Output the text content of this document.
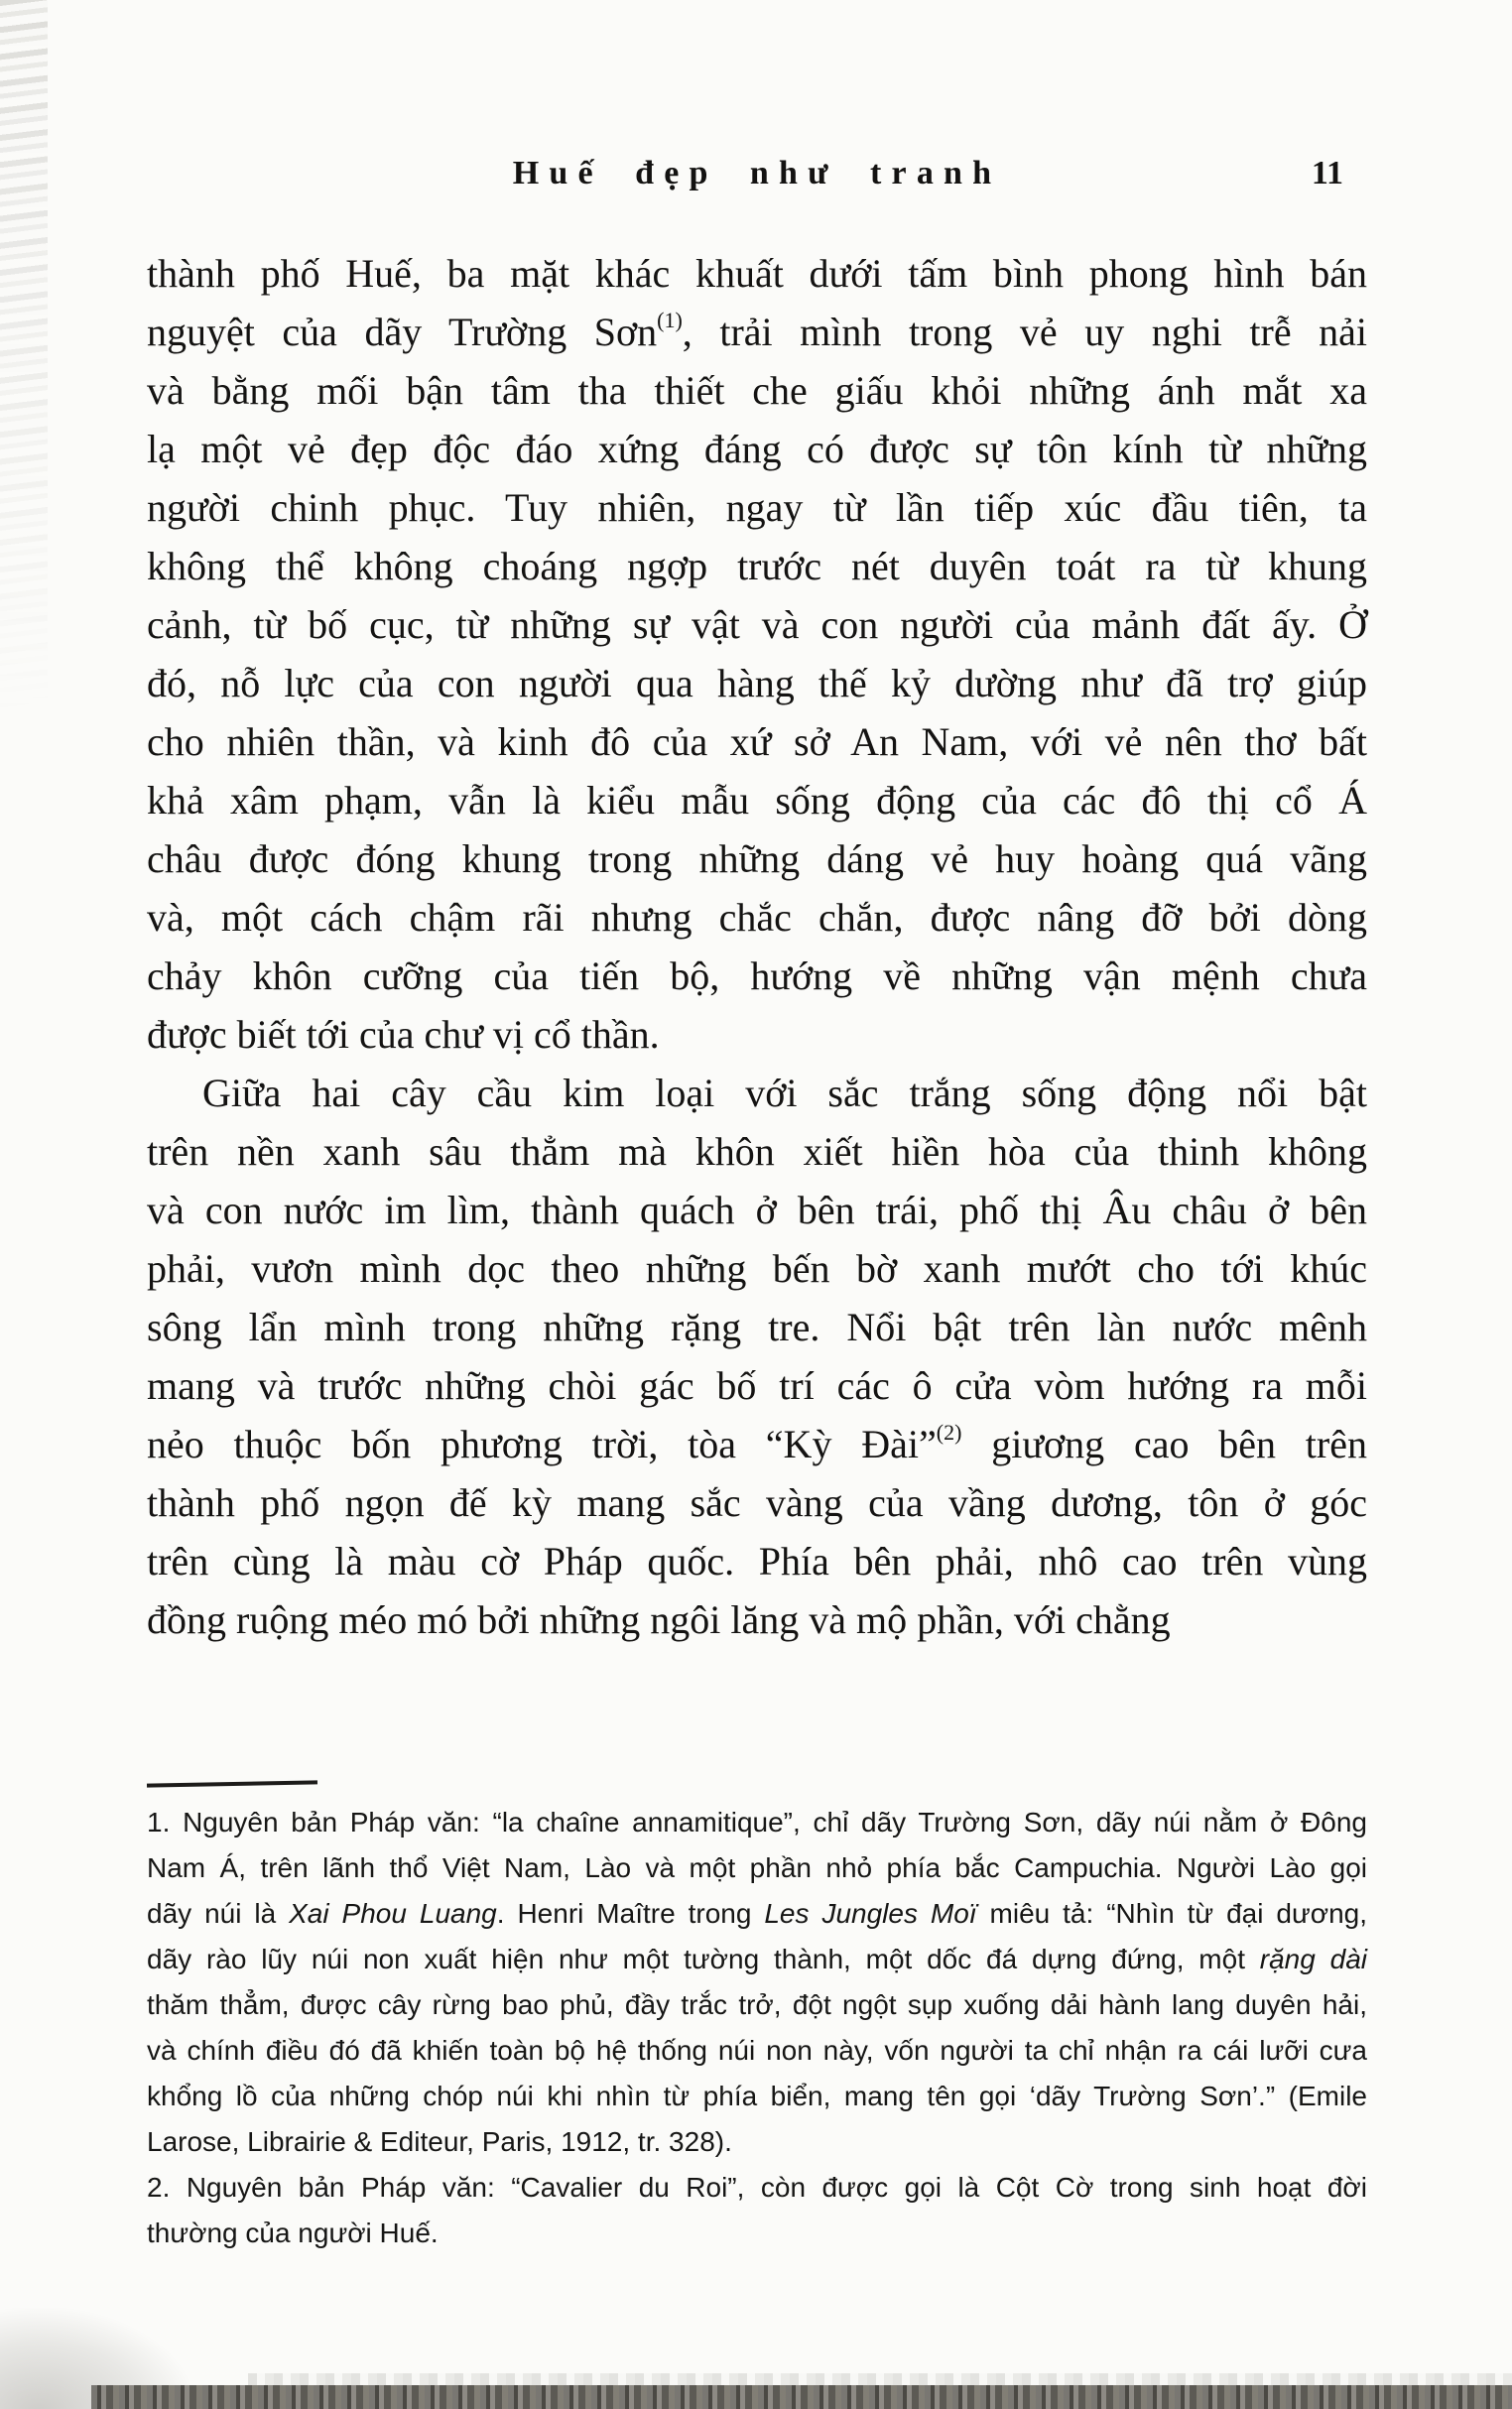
Huế đẹp như tranh	11
thành phố Huế, ba mặt khác khuất dưới tấm bình phong hình bán
nguyệt của dãy Trường Sơn$^{(1)}$, trải mình trong vẻ uy nghi trễ nải
và bằng mối bận tâm tha thiết che giấu khỏi những ánh mắt xa
lạ một vẻ đẹp độc đáo xứng đáng có được sự tôn kính từ những
người chinh phục. Tuy nhiên, ngay từ lần tiếp xúc đầu tiên, ta
không thể không choáng ngợp trước nét duyên toát ra từ khung
cảnh, từ bố cục, từ những sự vật và con người của mảnh đất ấy. Ở
đó, nỗ lực của con người qua hàng thế kỷ dường như đã trợ giúp
cho nhiên thần, và kinh đô của xứ sở An Nam, với vẻ nên thơ bất
khả xâm phạm, vẫn là kiểu mẫu sống động của các đô thị cổ Á
châu được đóng khung trong những dáng vẻ huy hoàng quá vãng
và, một cách chậm rãi nhưng chắc chắn, được nâng đỡ bởi dòng
chảy khôn cưỡng của tiến bộ, hướng về những vận mệnh chưa
được biết tới của chư vị cổ thần.
Giữa hai cây cầu kim loại với sắc trắng sống động nổi bật
trên nền xanh sâu thẳm mà khôn xiết hiền hòa của thinh không
và con nước im lìm, thành quách ở bên trái, phố thị Âu châu ở bên
phải, vươn mình dọc theo những bến bờ xanh mướt cho tới khúc
sông lẩn mình trong những rặng tre. Nổi bật trên làn nước mênh
mang và trước những chòi gác bố trí các ô cửa vòm hướng ra mỗi
nẻo thuộc bốn phương trời, tòa “Kỳ Đài”$^{(2)}$ giương cao bên trên
thành phố ngọn đế kỳ mang sắc vàng của vầng dương, tôn ở góc
trên cùng là màu cờ Pháp quốc. Phía bên phải, nhô cao trên vùng
đồng ruộng méo mó bởi những ngôi lăng và mộ phần, với chằng
1. Nguyên bản Pháp văn: “la chaîne annamitique”, chỉ dãy Trường Sơn, dãy núi nằm ở Đông
Nam Á, trên lãnh thổ Việt Nam, Lào và một phần nhỏ phía bắc Campuchia. Người Lào gọi
dãy núi là Xai Phou Luang. Henri Maître trong Les Jungles Moï miêu tả: “Nhìn từ đại dương,
dãy rào lũy núi non xuất hiện như một tường thành, một dốc đá dựng đứng, một rặng dài
thăm thẳm, được cây rừng bao phủ, đầy trắc trở, đột ngột sụp xuống dải hành lang duyên hải,
và chính điều đó đã khiến toàn bộ hệ thống núi non này, vốn người ta chỉ nhận ra cái lưỡi cưa
khổng lồ của những chóp núi khi nhìn từ phía biển, mang tên gọi ‘dãy Trường Sơn’.” (Emile
Larose, Librairie & Editeur, Paris, 1912, tr. 328).
2. Nguyên bản Pháp văn: “Cavalier du Roi”, còn được gọi là Cột Cờ trong sinh hoạt đời
thường của người Huế.
